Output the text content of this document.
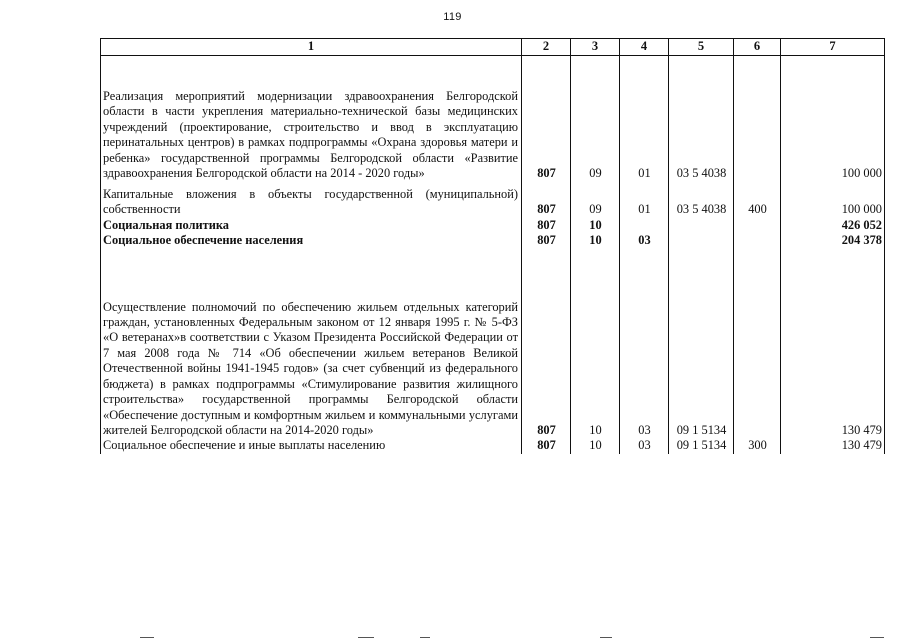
119
1	2	3	4	5	6	7
Реализация мероприятий модернизации здравоохранения Белгородской области в части укрепления материально-технической базы медицинских учреждений (проектирование, строительство и ввод в эксплуатацию перинатальных центров) в рамках подпрограммы «Охрана здоровья матери и ребенка» государственной программы Белгородской области «Развитие здравоохранения Белгородской области на 2014 - 2020 годы»	807	09	01	03 5 4038		100 000
Капитальные вложения в объекты государственной (муниципальной) собственности	807	09	01	03 5 4038	400	100 000
Социальная политика	807	10				426 052
Социальное обеспечение населения	807	10	03			204 378

Осуществление полномочий по обеспечению жильем отдельных категорий граждан, установленных Федеральным законом от 12 января 1995 г. № 5-ФЗ «О ветеранах»в соответствии с Указом Президента Российской Федерации от 7 мая 2008 года № 714 «Об обеспечении жильем ветеранов Великой Отечественной войны 1941-1945 годов» (за счет субвенций из федерального бюджета) в рамках подпрограммы «Стимулирование развития жилищного строительства» государственной программы Белгородской области «Обеспечение доступным и комфортным жильем и коммунальными услугами жителей Белгородской области на 2014-2020 годы»	807	10	03	09 1 5134		130 479
Социальное обеспечение и иные выплаты населению	807	10	03	09 1 5134	300	130 479
